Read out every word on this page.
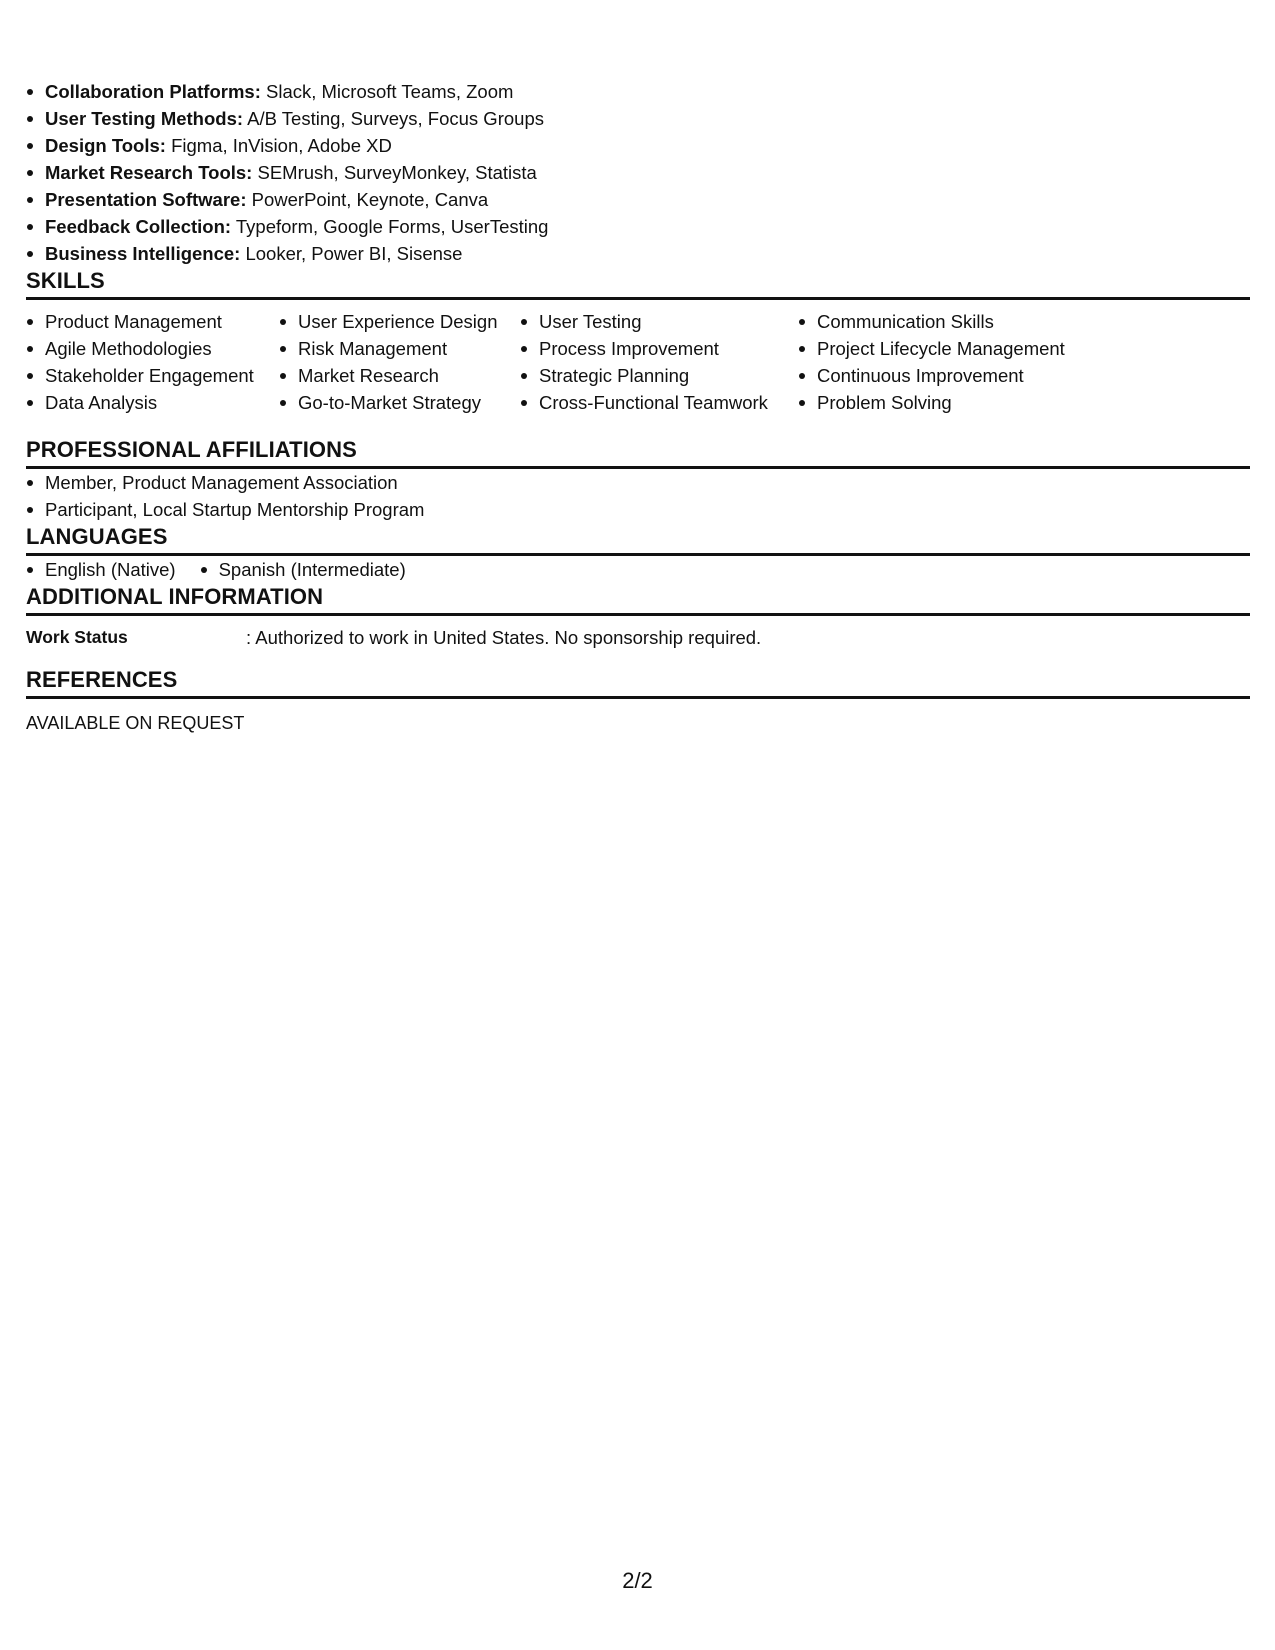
Collaboration Platforms: Slack, Microsoft Teams, Zoom
User Testing Methods: A/B Testing, Surveys, Focus Groups
Design Tools: Figma, InVision, Adobe XD
Market Research Tools: SEMrush, SurveyMonkey, Statista
Presentation Software: PowerPoint, Keynote, Canva
Feedback Collection: Typeform, Google Forms, UserTesting
Business Intelligence: Looker, Power BI, Sisense
SKILLS
Product Management
Agile Methodologies
Stakeholder Engagement
Data Analysis
User Experience Design
Risk Management
Market Research
Go-to-Market Strategy
User Testing
Process Improvement
Strategic Planning
Cross-Functional Teamwork
Communication Skills
Project Lifecycle Management
Continuous Improvement
Problem Solving
PROFESSIONAL AFFILIATIONS
Member, Product Management Association
Participant, Local Startup Mentorship Program
LANGUAGES
English (Native)	Spanish (Intermediate)
ADDITIONAL INFORMATION
Work Status	: Authorized to work in United States. No sponsorship required.
REFERENCES
AVAILABLE ON REQUEST
2/2
